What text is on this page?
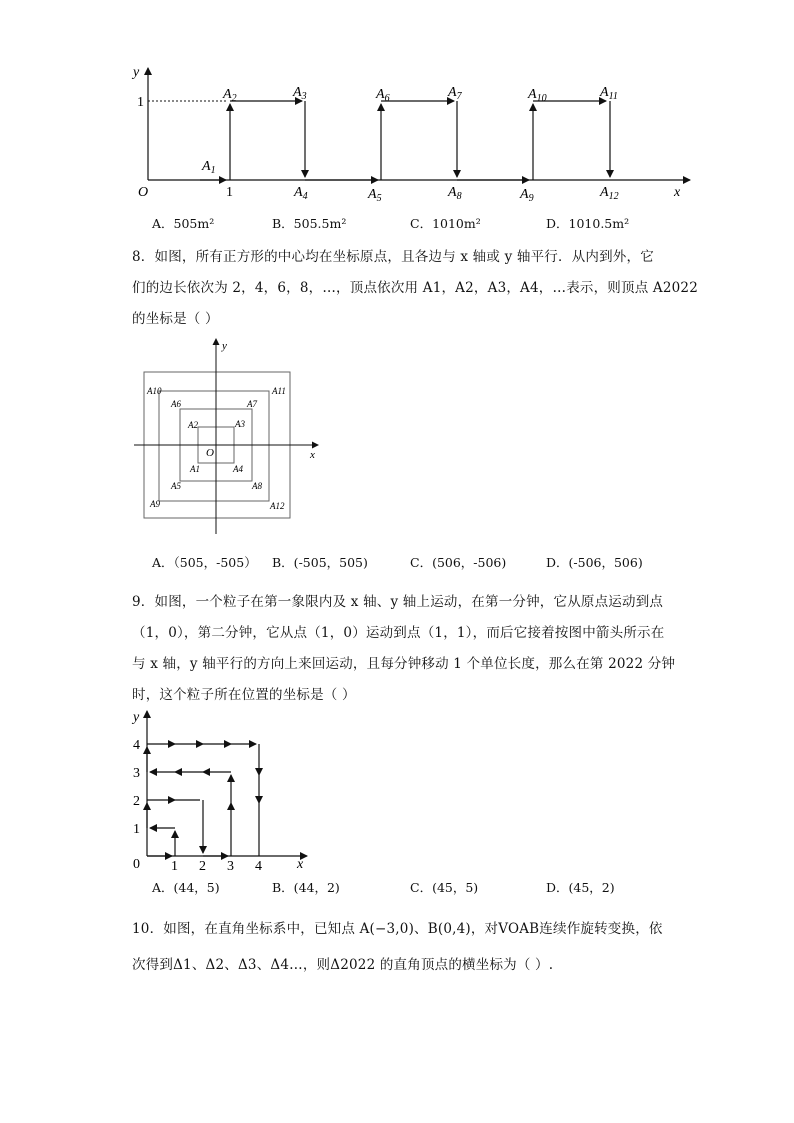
y
x
O
1
1
$A_1$
$A_2$	$A_3$
$A_4$	$A_5$
$A_6$	$A_7$
$A_8$	$A_9$
$A_{10}$	$A_{11}$
$A_{12}$
A．505m²	B．505.5m²	C．1010m²	D．1010.5m²
8．如图，所有正方形的中心均在坐标原点，且各边与 x 轴或 y 轴平行．从内到外，它
们的边长依次为 2，4，6，8，…，顶点依次用 A1，A2，A3，A4，…表示，则顶点 A2022
的坐标是（ ）
y
x
O
A10
A6
A2	A3
A7
A11
A1	A4
A5	A8
A9	A12
A．（505，-505） B．(-505，505)	C．(506，-506)	D．(-506，506)
9．如图，一个粒子在第一象限内及 x 轴、y 轴上运动，在第一分钟，它从原点运动到点
（1，0），第二分钟，它从点（1，0）运动到点（1，1），而后它接着按图中箭头所示在
与 x 轴，y 轴平行的方向上来回运动，且每分钟移动 1 个单位长度，那么在第 2022 分钟
时，这个粒子所在位置的坐标是（ ）
y
x
0 1 2 3 4
1
2
3
4
A．(44，5)	B．(44，2)	C．(45，5)	D．(45，2)
10．如图，在直角坐标系中，已知点 A(−3,0)、B(0,4)，对VOAB连续作旋转变换，依
次得到Δ1、Δ2、Δ3、Δ4…，则Δ2022 的直角顶点的横坐标为（ ）.
